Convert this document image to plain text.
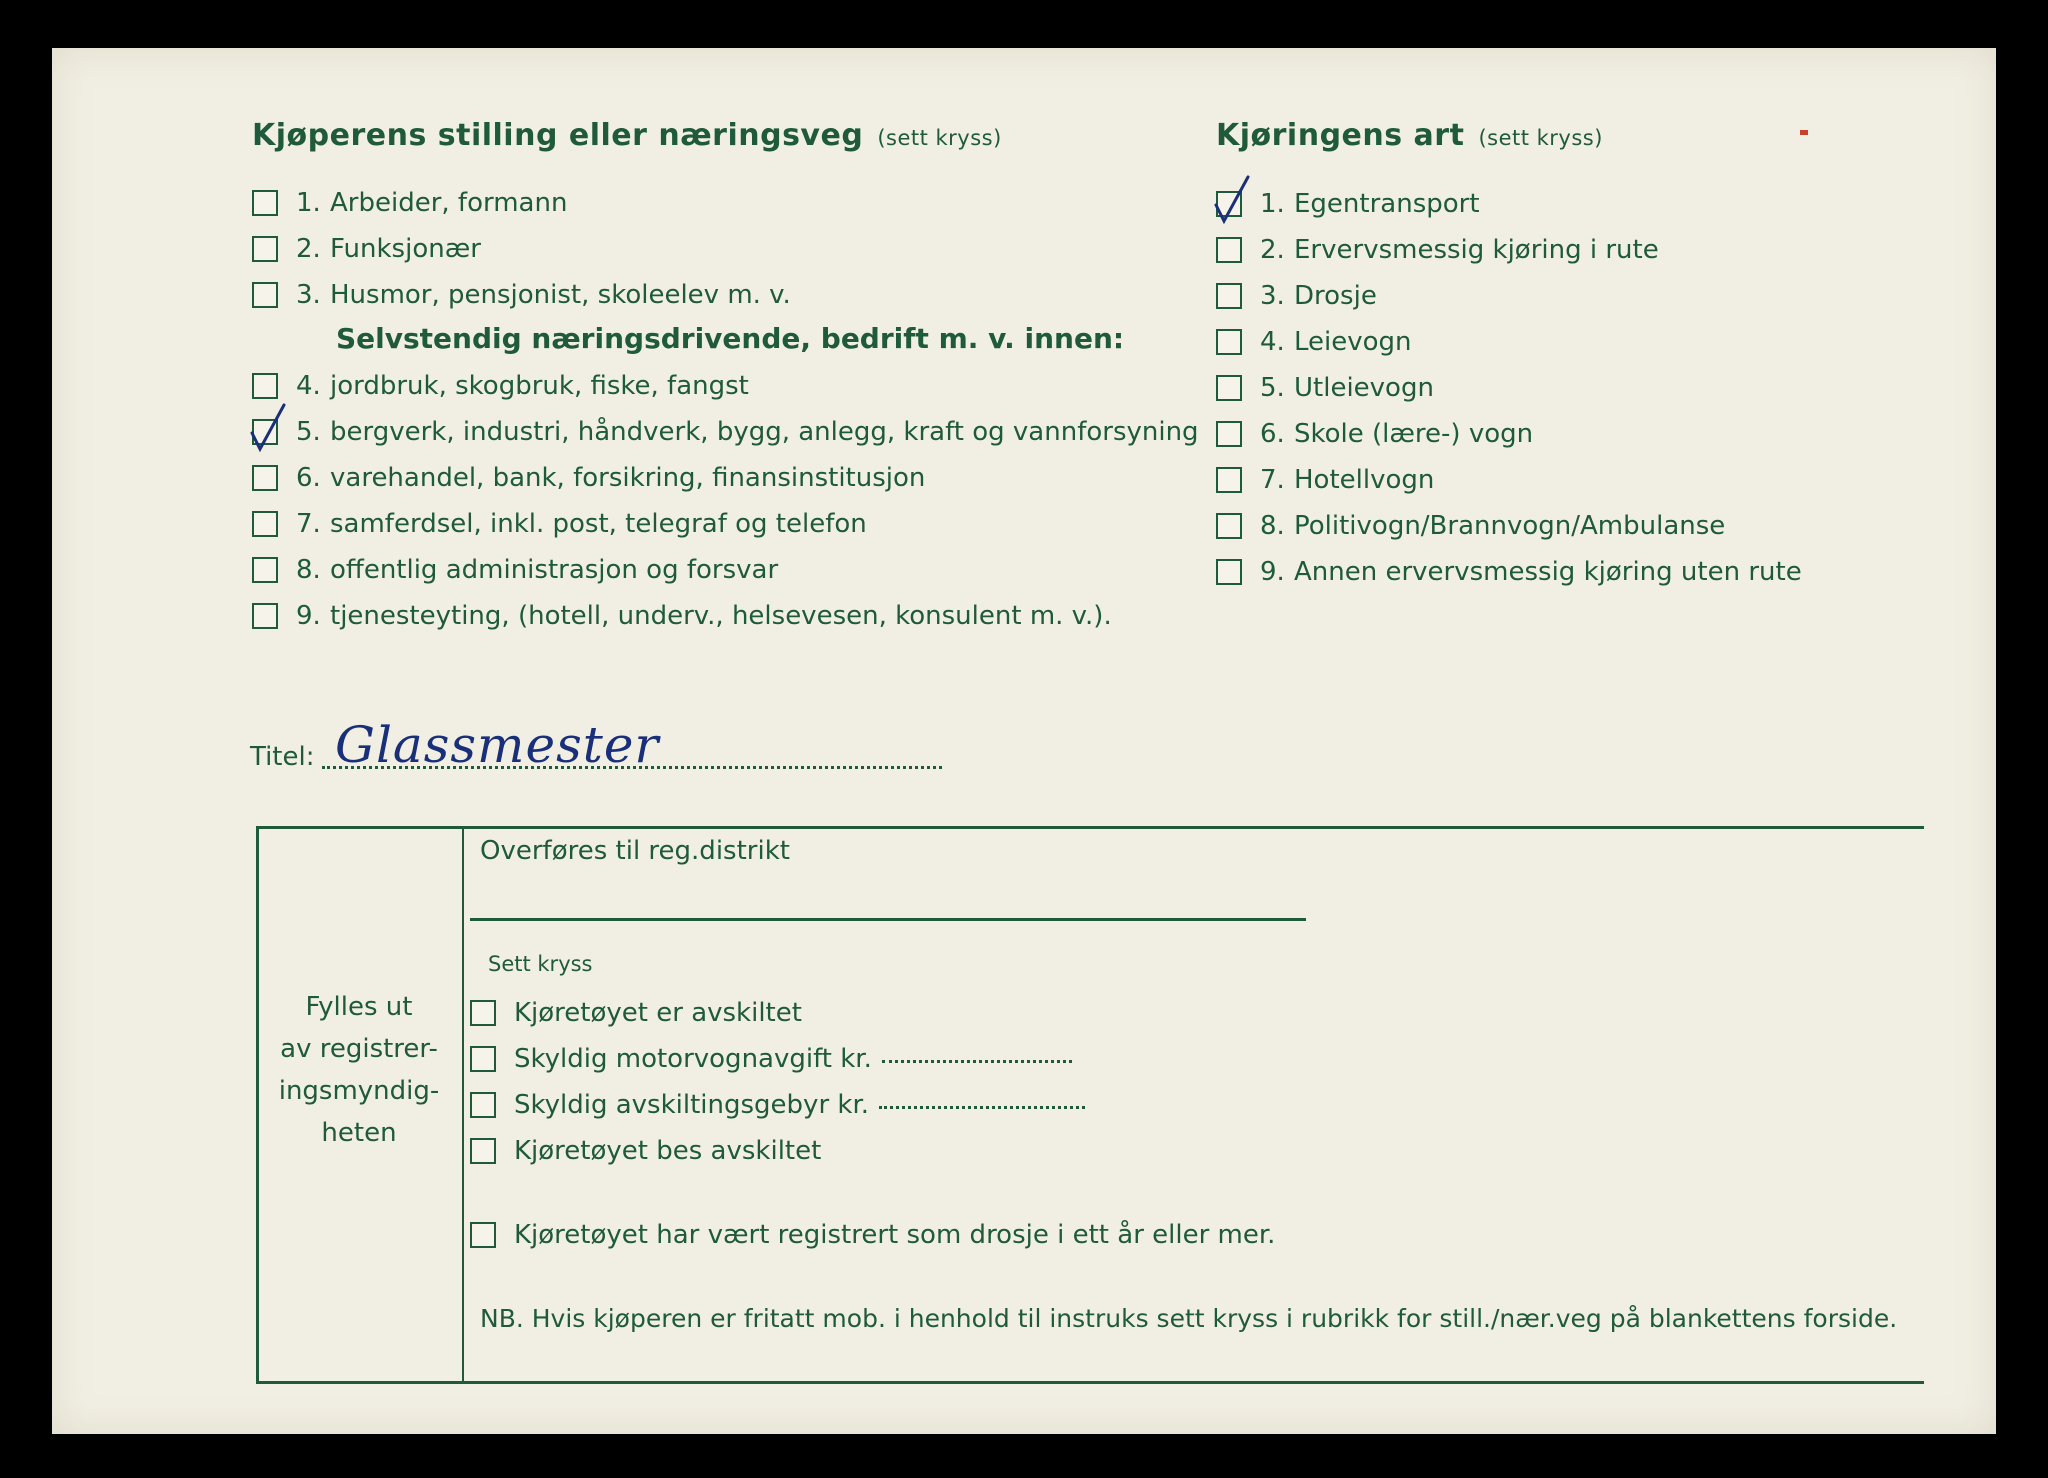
Kjøperens stilling eller næringsveg (sett kryss)
1. Arbeider, formann
2. Funksjonær
3. Husmor, pensjonist, skoleelev m. v.
Selvstendig næringsdrivende, bedrift m. v. innen:
4. jordbruk, skogbruk, fiske, fangst
5. bergverk, industri, håndverk, bygg, anlegg, kraft og vannforsyning
6. varehandel, bank, forsikring, finansinstitusjon
7. samferdsel, inkl. post, telegraf og telefon
8. offentlig administrasjon og forsvar
9. tjenesteyting, (hotell, underv., helsevesen, konsulent m. v.).
Kjøringens art (sett kryss)
1. Egentransport
2. Ervervsmessig kjøring i rute
3. Drosje
4. Leievogn
5. Utleievogn
6. Skole (lære-) vogn
7. Hotellvogn
8. Politivogn/Brannvogn/Ambulanse
9. Annen ervervsmessig kjøring uten rute
Titel: Glassmester
Fylles ut
av registrer-
ingsmyndig-
heten
Overføres til reg.distrikt
Sett kryss
Kjøretøyet er avskiltet
Skyldig motorvognavgift kr.
Skyldig avskiltingsgebyr kr.
Kjøretøyet bes avskiltet
Kjøretøyet har vært registrert som drosje i ett år eller mer.
NB. Hvis kjøperen er fritatt mob. i henhold til instruks sett kryss i rubrikk for still./nær.veg på blankettens forside.
